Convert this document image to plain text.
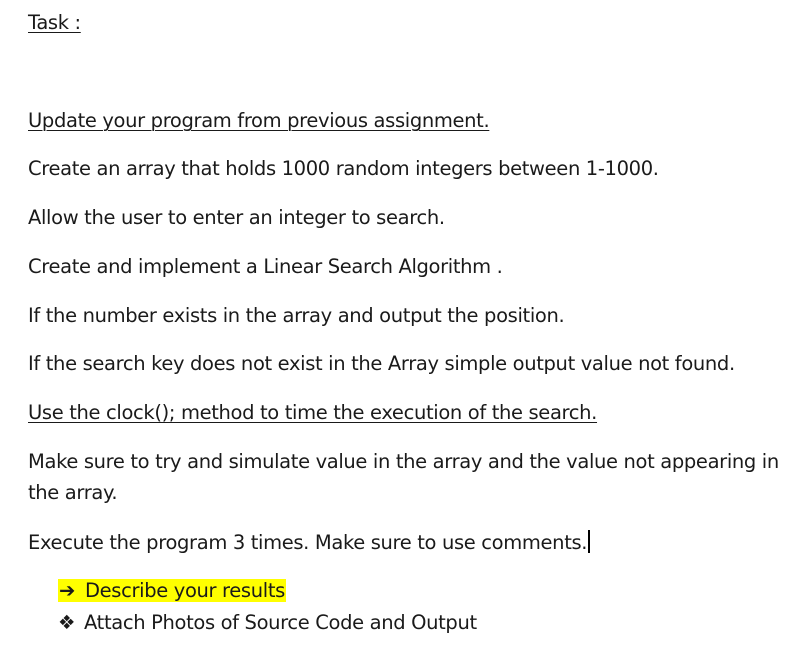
Task :

Update your program from previous assignment.

Create an array that holds 1000 random integers between 1-1000.

Allow the user to enter an integer to search.

Create and implement a Linear Search Algorithm .

If the number exists in the array and output the position.

If the search key does not exist in the Array simple output value not found.

Use the clock(); method to time the execution of the search.

Make sure to try and simulate value in the array and the value not appearing in the array.

Execute the program 3 times. Make sure to use comments.

➔ Describe your results
❖ Attach Photos of Source Code and Output
